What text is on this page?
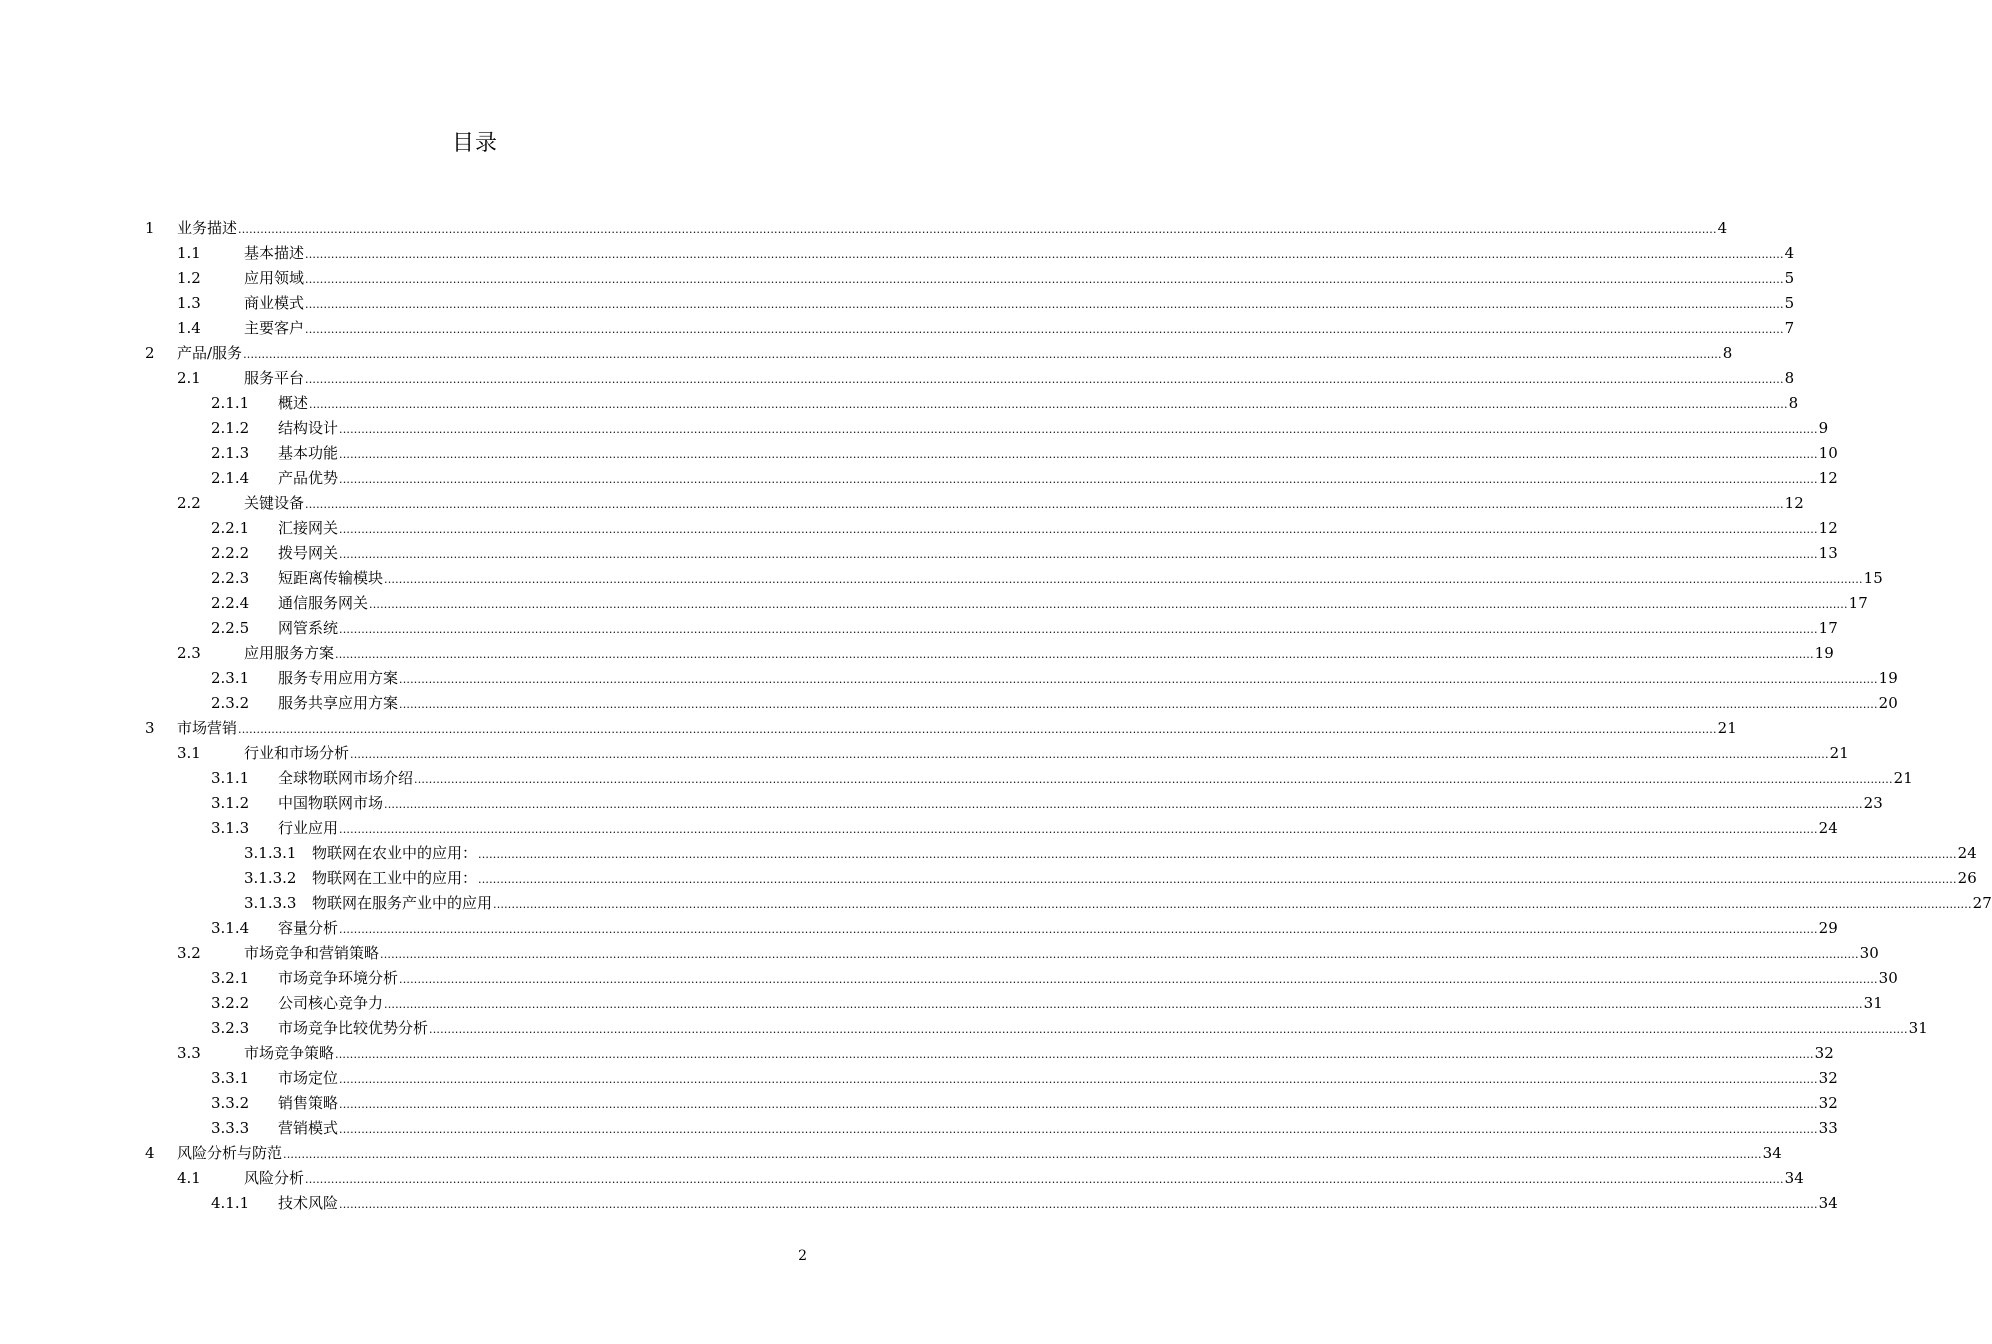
目录
1 业务描述 ................................................................................................................................................................................................................................................................................................................................................................................................................ 4
1.1	基本描述 ................................................................................................................................................................................................................................................................................................................................................................................................................ 4
1.2	应用领域 ................................................................................................................................................................................................................................................................................................................................................................................................................ 5
1.3	商业模式 ................................................................................................................................................................................................................................................................................................................................................................................................................ 5
1.4	主要客户 ................................................................................................................................................................................................................................................................................................................................................................................................................ 7
2 产品/服务 ................................................................................................................................................................................................................................................................................................................................................................................................................ 8
2.1	服务平台 ................................................................................................................................................................................................................................................................................................................................................................................................................ 8
2.1.1 概述 ................................................................................................................................................................................................................................................................................................................................................................................................................ 8
2.1.2 结构设计 ................................................................................................................................................................................................................................................................................................................................................................................................................ 9
2.1.3 基本功能 ................................................................................................................................................................................................................................................................................................................................................................................................................ 10
2.1.4 产品优势 ................................................................................................................................................................................................................................................................................................................................................................................................................ 12
2.2	关键设备 ................................................................................................................................................................................................................................................................................................................................................................................................................ 12
2.2.1 汇接网关 ................................................................................................................................................................................................................................................................................................................................................................................................................ 12
2.2.2 拨号网关 ................................................................................................................................................................................................................................................................................................................................................................................................................ 13
2.2.3 短距离传输模块 ................................................................................................................................................................................................................................................................................................................................................................................................................ 15
2.2.4 通信服务网关 ................................................................................................................................................................................................................................................................................................................................................................................................................ 17
2.2.5 网管系统 ................................................................................................................................................................................................................................................................................................................................................................................................................ 17
2.3	应用服务方案 ................................................................................................................................................................................................................................................................................................................................................................................................................ 19
2.3.1 服务专用应用方案 ................................................................................................................................................................................................................................................................................................................................................................................................................ 19
2.3.2 服务共享应用方案 ................................................................................................................................................................................................................................................................................................................................................................................................................ 20
3 市场营销 ................................................................................................................................................................................................................................................................................................................................................................................................................ 21
3.1	行业和市场分析 ................................................................................................................................................................................................................................................................................................................................................................................................................ 21
3.1.1 全球物联网市场介绍 ................................................................................................................................................................................................................................................................................................................................................................................................................ 21
3.1.2 中国物联网市场 ................................................................................................................................................................................................................................................................................................................................................................................................................ 23
3.1.3 行业应用 ................................................................................................................................................................................................................................................................................................................................................................................................................ 24
3.1.3.1 物联网在农业中的应用： ................................................................................................................................................................................................................................................................................................................................................................................................................ 24
3.1.3.2 物联网在工业中的应用： ................................................................................................................................................................................................................................................................................................................................................................................................................ 26
3.1.3.3 物联网在服务产业中的应用 ................................................................................................................................................................................................................................................................................................................................................................................................................ 27
3.1.4 容量分析 ................................................................................................................................................................................................................................................................................................................................................................................................................ 29
3.2	市场竞争和营销策略 ................................................................................................................................................................................................................................................................................................................................................................................................................ 30
3.2.1 市场竞争环境分析 ................................................................................................................................................................................................................................................................................................................................................................................................................ 30
3.2.2 公司核心竞争力 ................................................................................................................................................................................................................................................................................................................................................................................................................ 31
3.2.3 市场竞争比较优势分析 ................................................................................................................................................................................................................................................................................................................................................................................................................ 31
3.3	市场竞争策略 ................................................................................................................................................................................................................................................................................................................................................................................................................ 32
3.3.1 市场定位 ................................................................................................................................................................................................................................................................................................................................................................................................................ 32
3.3.2 销售策略 ................................................................................................................................................................................................................................................................................................................................................................................................................ 32
3.3.3 营销模式 ................................................................................................................................................................................................................................................................................................................................................................................................................ 33
4 风险分析与防范 ................................................................................................................................................................................................................................................................................................................................................................................................................ 34
4.1	风险分析 ................................................................................................................................................................................................................................................................................................................................................................................................................ 34
4.1.1 技术风险 ................................................................................................................................................................................................................................................................................................................................................................................................................ 34
2
